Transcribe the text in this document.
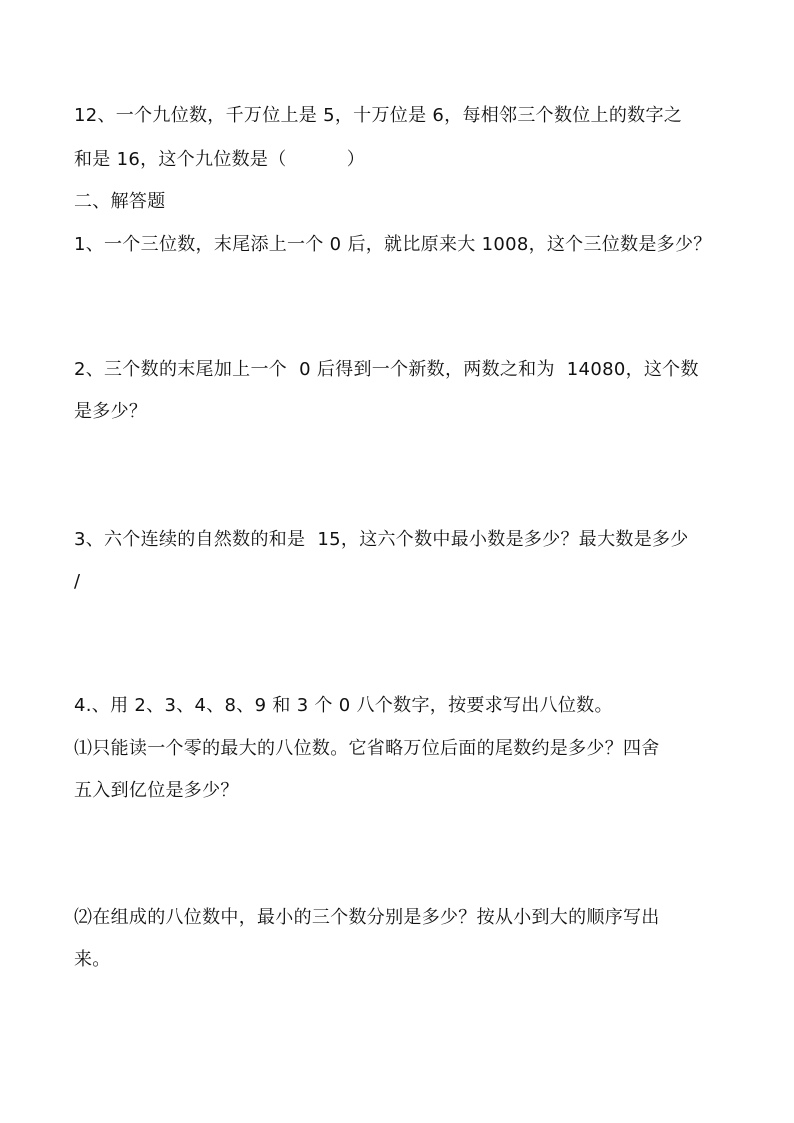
12、一个九位数，千万位上是 5，十万位是 6，每相邻三个数位上的数字之
和是 16，这个九位数是（          ）
二、解答题
1、一个三位数，末尾添上一个 0 后，就比原来大 1008，这个三位数是多少？
2、三个数的末尾加上一个  0 后得到一个新数，两数之和为  14080，这个数
是多少？
3、六个连续的自然数的和是  15，这六个数中最小数是多少？最大数是多少
/
4.、用 2、3、4、8、9 和 3 个 0 八个数字，按要求写出八位数。
⑴只能读一个零的最大的八位数。它省略万位后面的尾数约是多少？四舍
五入到亿位是多少？
⑵在组成的八位数中，最小的三个数分别是多少？按从小到大的顺序写出
来。
